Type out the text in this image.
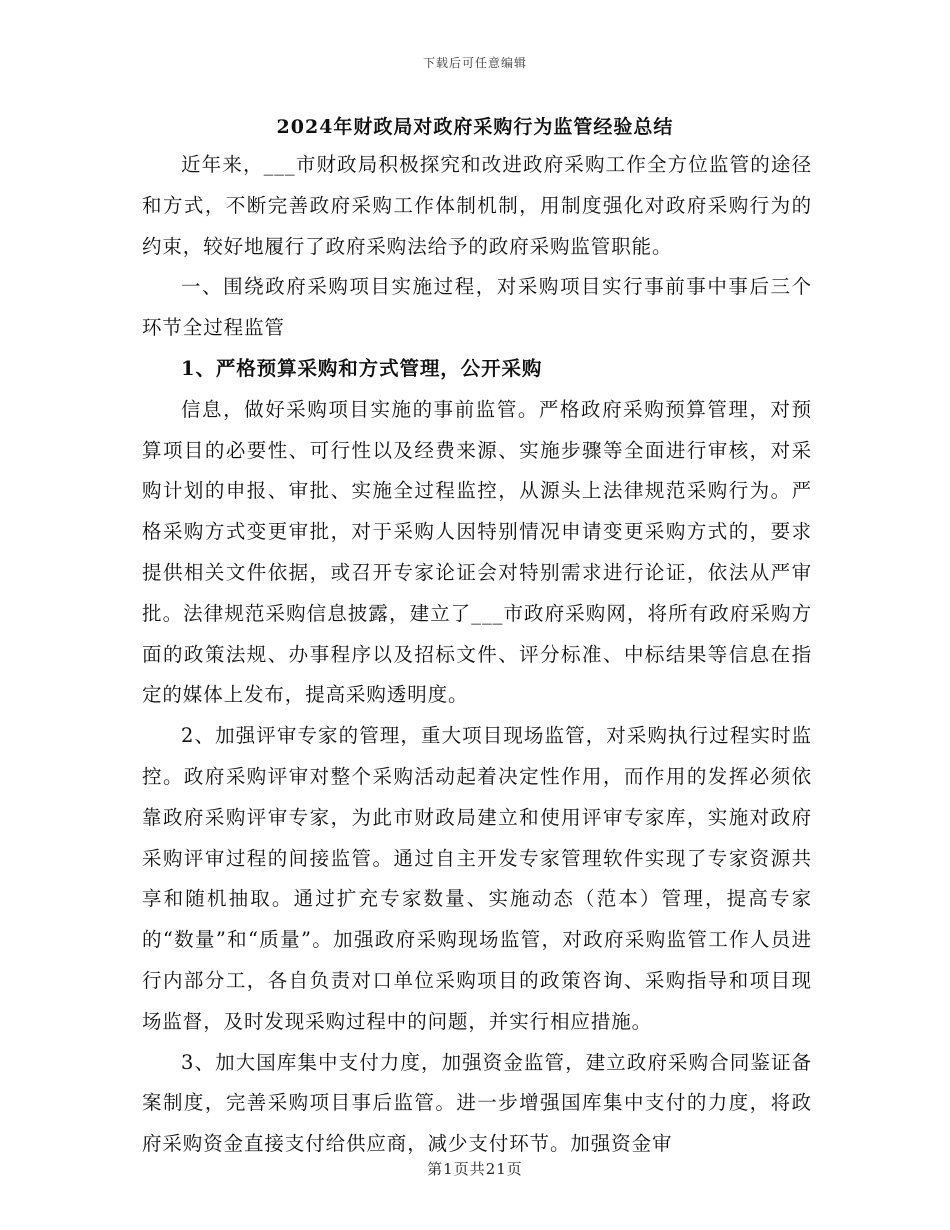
下载后可任意编辑
2024年财政局对政府采购行为监管经验总结

近年来，___市财政局积极探究和改进政府采购工作全方位监管的途径和方式，不断完善政府采购工作体制机制，用制度强化对政府采购行为的约束，较好地履行了政府采购法给予的政府采购监管职能。

一、围绕政府采购项目实施过程，对采购项目实行事前事中事后三个环节全过程监管

1、严格预算采购和方式管理，公开采购

信息，做好采购项目实施的事前监管。严格政府采购预算管理，对预算项目的必要性、可行性以及经费来源、实施步骤等全面进行审核，对采购计划的申报、审批、实施全过程监控，从源头上法律规范采购行为。严格采购方式变更审批，对于采购人因特别情况申请变更采购方式的，要求提供相关文件依据，或召开专家论证会对特别需求进行论证，依法从严审批。法律规范采购信息披露，建立了___市政府采购网，将所有政府采购方面的政策法规、办事程序以及招标文件、评分标准、中标结果等信息在指定的媒体上发布，提高采购透明度。

2、加强评审专家的管理，重大项目现场监管，对采购执行过程实时监控。政府采购评审对整个采购活动起着决定性作用，而作用的发挥必须依靠政府采购评审专家，为此市财政局建立和使用评审专家库，实施对政府采购评审过程的间接监管。通过自主开发专家管理软件实现了专家资源共享和随机抽取。通过扩充专家数量、实施动态（范本）管理，提高专家的“数量”和“质量”。加强政府采购现场监管，对政府采购监管工作人员进行内部分工，各自负责对口单位采购项目的政策咨询、采购指导和项目现场监督，及时发现采购过程中的问题，并实行相应措施。

3、加大国库集中支付力度，加强资金监管，建立政府采购合同鉴证备案制度，完善采购项目事后监管。进一步增强国库集中支付的力度，将政府采购资金直接支付给供应商，减少支付环节。加强资金审

第1页共21页
